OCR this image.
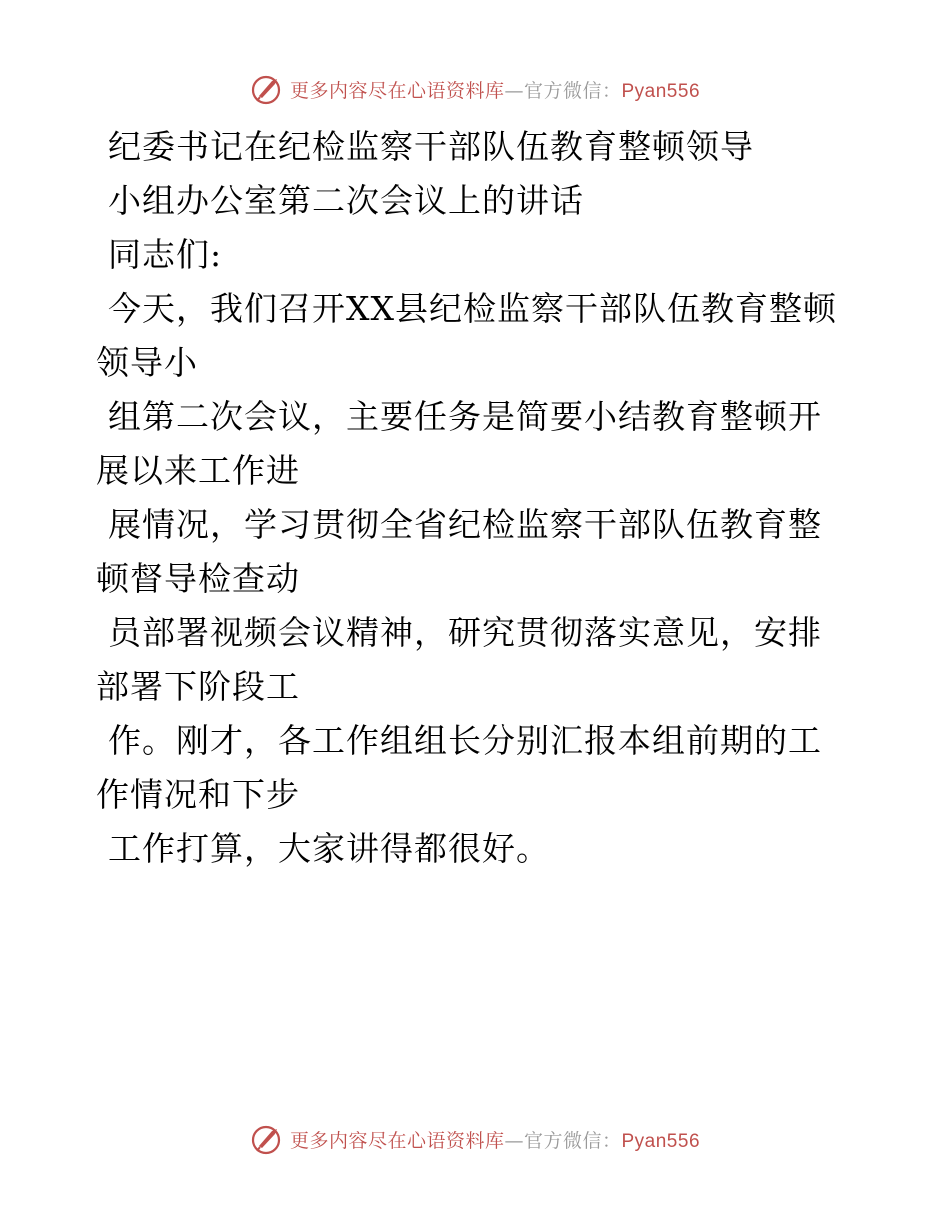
更多内容尽在心语资料库—官方微信：Pyan556
纪委书记在纪检监察干部队伍教育整顿领导
小组办公室第二次会议上的讲话
同志们:
今天，我们召开XX县纪检监察干部队伍教育整顿
领导小
组第二次会议，主要任务是简要小结教育整顿开
展以来工作进
展情况，学习贯彻全省纪检监察干部队伍教育整
顿督导检查动
员部署视频会议精神，研究贯彻落实意见，安排
部署下阶段工
作。刚才，各工作组组长分别汇报本组前期的工
作情况和下步
工作打算，大家讲得都很好。
更多内容尽在心语资料库—官方微信：Pyan556
